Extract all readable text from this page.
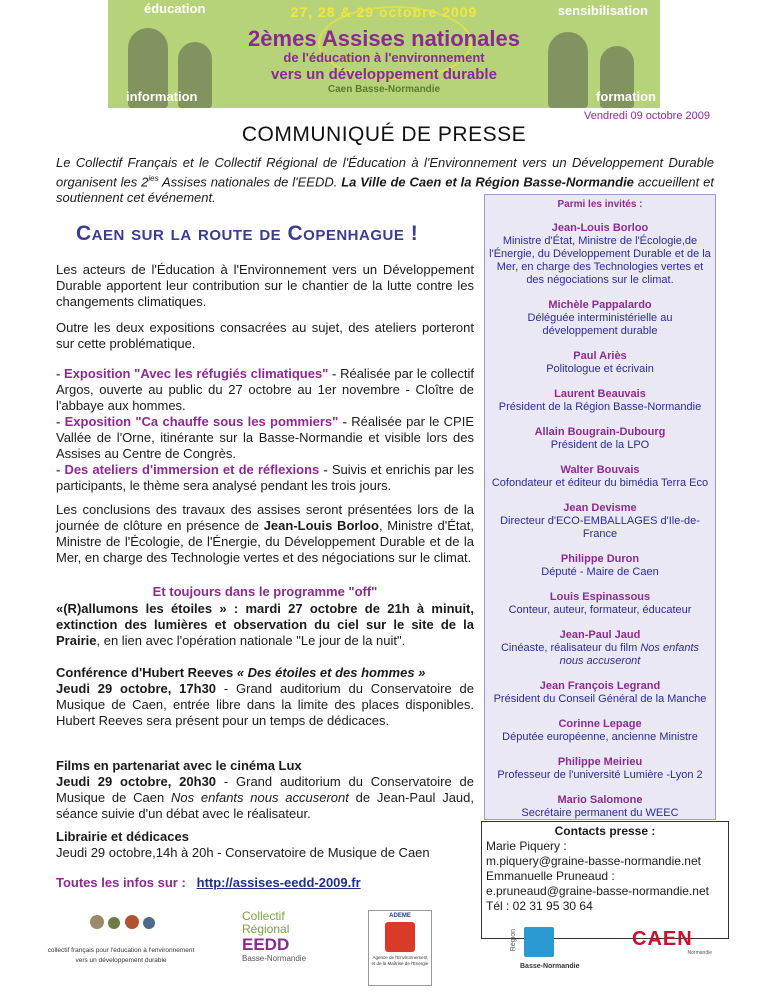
éducation	sensibilisation
information	formation
27, 28 & 29 octobre 2009
2èmes Assises nationales
de l'éducation à l'environnement
vers un développement durable
Caen Basse-Normandie
Vendredi 09 octobre 2009
COMMUNIQUÉ DE PRESSE
Le Collectif Français et le Collectif Régional de l'Éducation à l'Environnement vers un Développement Durable organisent les $2^{ies}$ Assises nationales de l'EEDD. La Ville de Caen et la Région Basse-Normandie accueillent et soutiennent cet événement.
Caen sur la route de Copenhague !
Les acteurs de l'Éducation à l'Environnement vers un Développement Durable apportent leur contribution sur le chantier de la lutte contre les changements climatiques.
Outre les deux expositions consacrées au sujet, des ateliers porteront sur cette problématique.
- Exposition "Avec les réfugiés climatiques" - Réalisée par le collectif Argos, ouverte au public du 27 octobre au 1er novembre - Cloître de l'abbaye aux hommes.
- Exposition "Ca chauffe sous les pommiers" - Réalisée par le CPIE Vallée de l'Orne, itinérante sur la Basse-Normandie et visible lors des Assises au Centre de Congrès.
- Des ateliers d'immersion et de réflexions - Suivis et enrichis par les participants, le thème sera analysé pendant les trois jours.
Les conclusions des travaux des assises seront présentées lors de la journée de clôture en présence de Jean-Louis Borloo, Ministre d'État, Ministre de l'Écologie, de l'Énergie, du Développement Durable et de la Mer, en charge des Technologie vertes et des négociations sur le climat.
Et toujours dans le programme "off"
«(R)allumons les étoiles » : mardi 27 octobre de 21h à minuit, extinction des lumières et observation du ciel sur le site de la Prairie, en lien avec l'opération nationale "Le jour de la nuit".
Conférence d'Hubert Reeves « Des étoiles et des hommes »
Jeudi 29 octobre, 17h30 - Grand auditorium du Conservatoire de Musique de Caen, entrée libre dans la limite des places disponibles. Hubert Reeves sera présent pour un temps de dédicaces.
Films en partenariat avec le cinéma Lux
Jeudi 29 octobre, 20h30 - Grand auditorium du Conservatoire de Musique de Caen Nos enfants nous accuseront de Jean-Paul Jaud, séance suivie d'un débat avec le réalisateur.
Librairie et dédicaces
Jeudi 29 octobre,14h à 20h - Conservatoire de Musique de Caen
Toutes les infos sur : http://assises-eedd-2009.fr
Parmi les invités :
Jean-Louis Borloo
Ministre d'État, Ministre de l'Écologie,de l'Énergie, du Développement Durable et de la Mer, en charge des Technologies vertes et des négociations sur le climat.
Michèle Pappalardo
Déléguée interministérielle au développement durable
Paul Ariès
Politologue et écrivain
Laurent Beauvais
Président de la Région Basse-Normandie
Allain Bougrain-Dubourg
Président de la LPO
Walter Bouvais
Cofondateur et éditeur du bimédia Terra Eco
Jean Devisme
Directeur d'ECO-EMBALLAGES d'Ile-de-France
Philippe Duron
Député - Maire de Caen
Louis Espinassous
Conteur, auteur, formateur, éducateur
Jean-Paul Jaud
Cinéaste, réalisateur du film Nos enfants nous accuseront
Jean François Legrand
Président du Conseil Général de la Manche
Corinne Lepage
Députée européenne, ancienne Ministre
Philippe Meirieu
Professeur de l'université Lumière -Lyon 2
Mario Salomone
Secrétaire permanent du WEEC
Contacts presse :
Marie Piquery :
m.piquery@graine-basse-normandie.net
Emmanuelle Pruneaud :
e.pruneaud@graine-basse-normandie.net
Tél : 02 31 95 30 64

collectif français pour l'éducation à l'environnement
vers un développement durable
Collectif
Régional
EEDD
Basse-Normandie
ADEME
Agence de l'Environnement et de la Maîtrise de l'Energie
Région
Basse-Normandie
CAEN
Normandie
